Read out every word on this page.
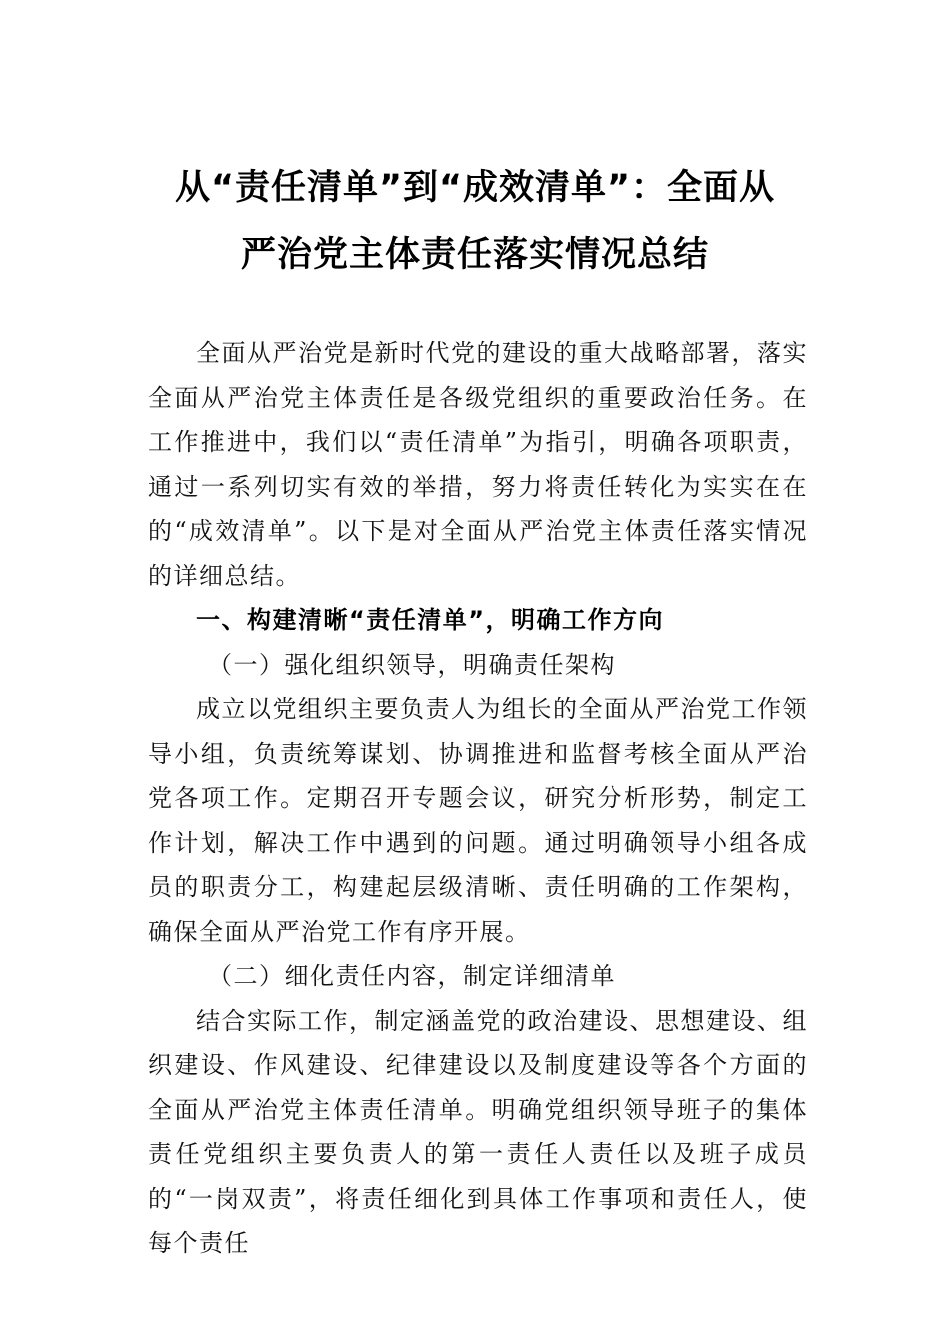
从“责任清单”到“成效清单”：全面从
严治党主体责任落实情况总结

全面从严治党是新时代党的建设的重大战略部署，落实全面从严治党主体责任是各级党组织的重要政治任务。在工作推进中，我们以“责任清单”为指引，明确各项职责，通过一系列切实有效的举措，努力将责任转化为实实在在的“成效清单”。以下是对全面从严治党主体责任落实情况的详细总结。

一、构建清晰“责任清单”，明确工作方向

（一）强化组织领导，明确责任架构

成立以党组织主要负责人为组长的全面从严治党工作领导小组，负责统筹谋划、协调推进和监督考核全面从严治党各项工作。定期召开专题会议，研究分析形势，制定工作计划，解决工作中遇到的问题。通过明确领导小组各成员的职责分工，构建起层级清晰、责任明确的工作架构，确保全面从严治党工作有序开展。

（二）细化责任内容，制定详细清单

结合实际工作，制定涵盖党的政治建设、思想建设、组织建设、作风建设、纪律建设以及制度建设等各个方面的全面从严治党主体责任清单。明确党组织领导班子的集体责任党组织主要负责人的第一责任人责任以及班子成员的“一岗双责”，将责任细化到具体工作事项和责任人，使每个责任
